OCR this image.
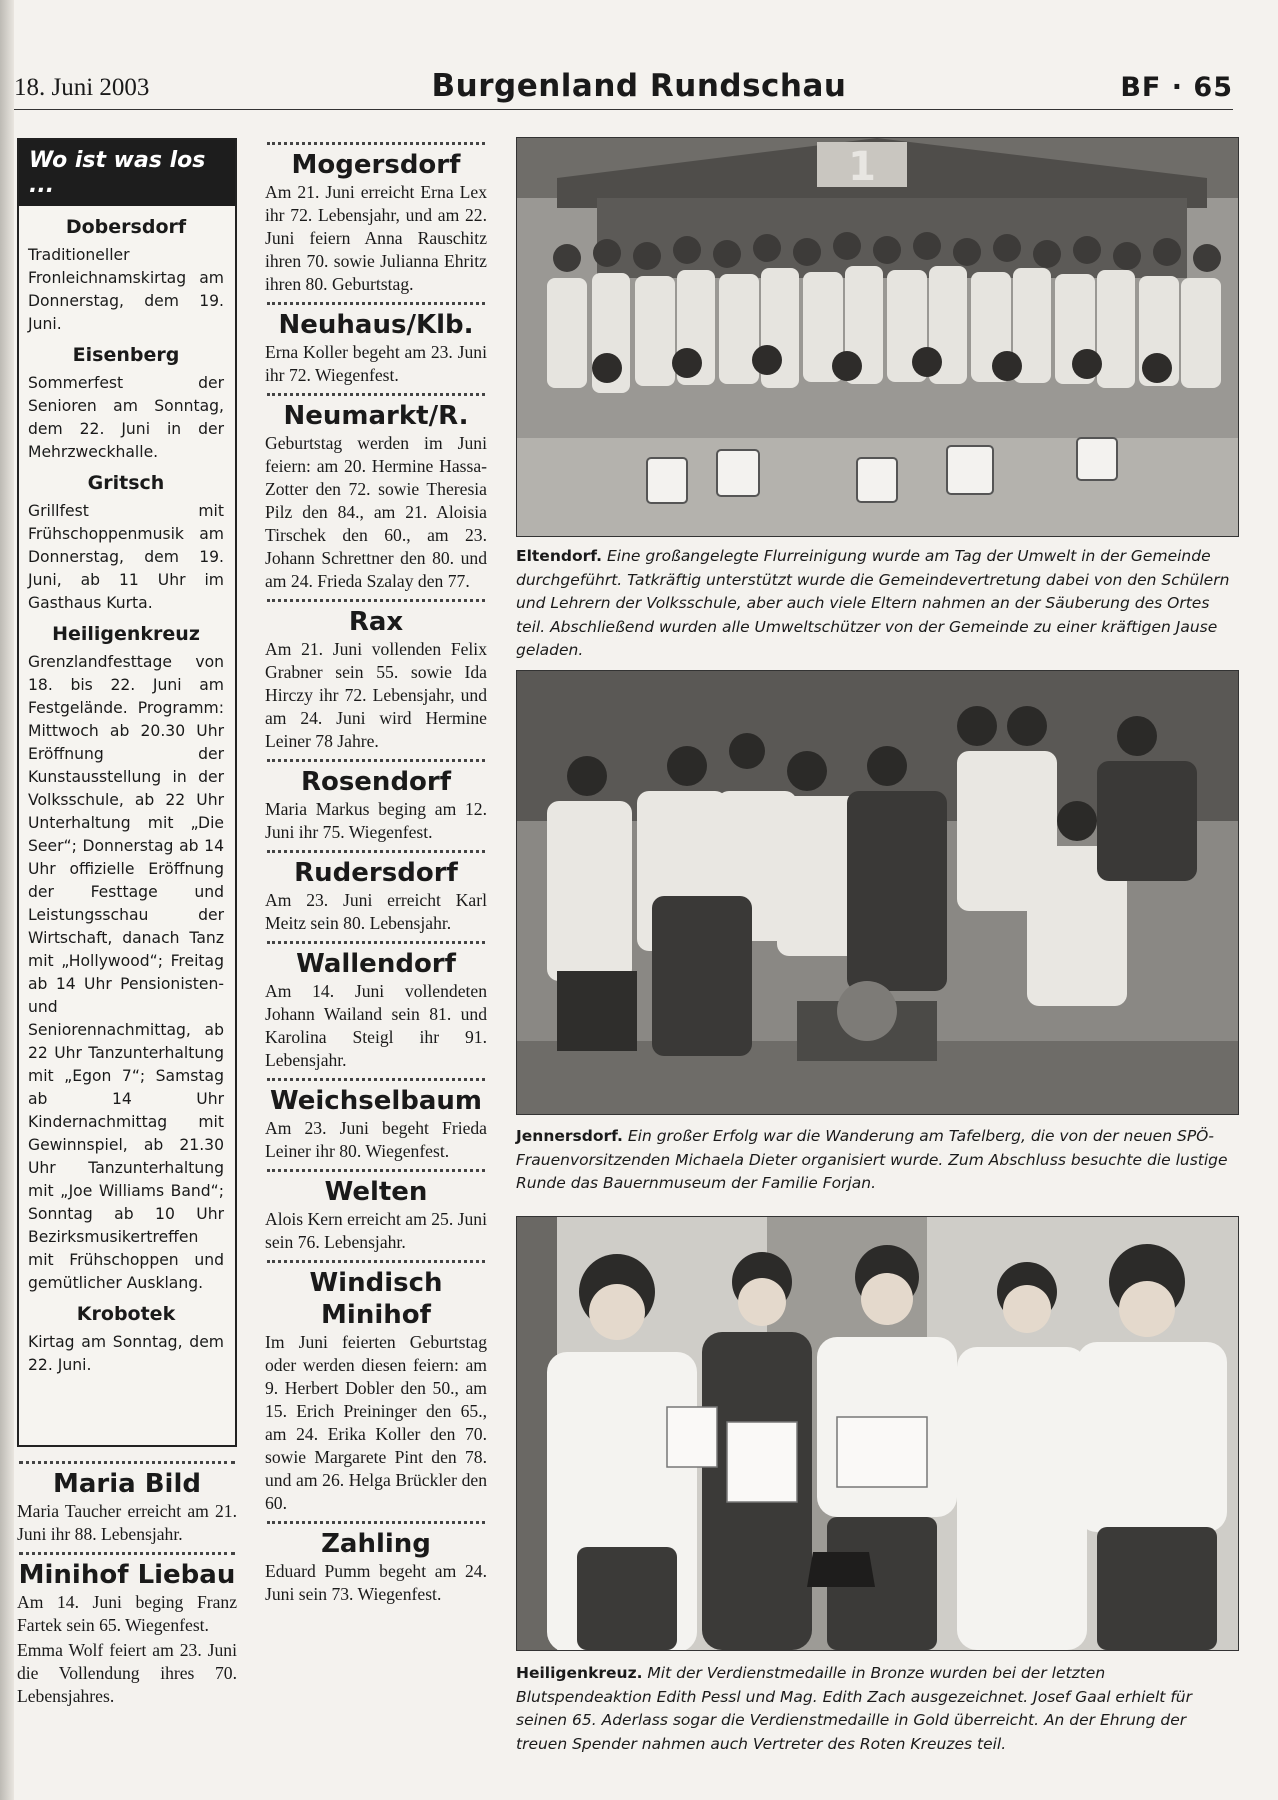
18. Juni 2003	Burgenland Rundschau	BF · 65
Wo ist was los ...
Dobersdorf
Traditioneller Fronleichnamskirtag am Donnerstag, dem 19. Juni.
Eisenberg
Sommerfest der Senioren am Sonntag, dem 22. Juni in der Mehrzweckhalle.
Gritsch
Grillfest mit Frühschoppenmusik am Donnerstag, dem 19. Juni, ab 11 Uhr im Gasthaus Kurta.
Heiligenkreuz
Grenzlandfesttage von 18. bis 22. Juni am Festgelände. Programm: Mittwoch ab 20.30 Uhr Eröffnung der Kunstausstellung in der Volksschule, ab 22 Uhr Unterhaltung mit „Die Seer“; Donnerstag ab 14 Uhr offizielle Eröffnung der Festtage und Leistungsschau der Wirtschaft, danach Tanz mit „Hollywood“; Freitag ab 14 Uhr Pensionisten- und Seniorennachmittag, ab 22 Uhr Tanzunterhaltung mit „Egon 7“; Samstag ab 14 Uhr Kindernachmittag mit Gewinnspiel, ab 21.30 Uhr Tanzunterhaltung mit „Joe Williams Band“; Sonntag ab 10 Uhr Bezirksmusikertreffen mit Frühschoppen und gemütlicher Ausklang.
Krobotek
Kirtag am Sonntag, dem 22. Juni.
Maria Bild
Maria Taucher erreicht am 21. Juni ihr 88. Lebensjahr.
Minihof Liebau
Am 14. Juni beging Franz Fartek sein 65. Wiegenfest.
Emma Wolf feiert am 23. Juni die Vollendung ihres 70. Lebensjahres.
Mogersdorf
Am 21. Juni erreicht Erna Lex ihr 72. Lebensjahr, und am 22. Juni feiern Anna Rauschitz ihren 70. sowie Julianna Ehritz ihren 80. Geburtstag.
Neuhaus/Klb.
Erna Koller begeht am 23. Juni ihr 72. Wiegenfest.
Neumarkt/R.
Geburtstag werden im Juni feiern: am 20. Hermine Hassa-Zotter den 72. sowie Theresia Pilz den 84., am 21. Aloisia Tirschek den 60., am 23. Johann Schrettner den 80. und am 24. Frieda Szalay den 77.
Rax
Am 21. Juni vollenden Felix Grabner sein 55. sowie Ida Hirczy ihr 72. Lebensjahr, und am 24. Juni wird Hermine Leiner 78 Jahre.
Rosendorf
Maria Markus beging am 12. Juni ihr 75. Wiegenfest.
Rudersdorf
Am 23. Juni erreicht Karl Meitz sein 80. Lebensjahr.
Wallendorf
Am 14. Juni vollendeten Johann Wailand sein 81. und Karolina Steigl ihr 91. Lebensjahr.
Weichselbaum
Am 23. Juni begeht Frieda Leiner ihr 80. Wiegenfest.
Welten
Alois Kern erreicht am 25. Juni sein 76. Lebensjahr.
Windisch Minihof
Im Juni feierten Geburtstag oder werden diesen feiern: am 9. Herbert Dobler den 50., am 15. Erich Preininger den 65., am 24. Erika Koller den 70. sowie Margarete Pint den 78. und am 26. Helga Brückler den 60.
Zahling
Eduard Pumm begeht am 24. Juni sein 73. Wiegenfest.
1
Eltendorf. Eine großangelegte Flurreinigung wurde am Tag der Umwelt in der Gemeinde durchgeführt. Tatkräftig unterstützt wurde die Gemeindevertretung dabei von den Schülern und Lehrern der Volksschule, aber auch viele Eltern nahmen an der Säuberung des Ortes teil. Abschließend wurden alle Umweltschützer von der Gemeinde zu einer kräftigen Jause geladen.
Jennersdorf. Ein großer Erfolg war die Wanderung am Tafelberg, die von der neuen SPÖ-Frauenvorsitzenden Michaela Dieter organisiert wurde. Zum Abschluss besuchte die lustige Runde das Bauernmuseum der Familie Forjan.
Heiligenkreuz. Mit der Verdienstmedaille in Bronze wurden bei der letzten Blutspendeaktion Edith Pessl und Mag. Edith Zach ausgezeichnet. Josef Gaal erhielt für seinen 65. Aderlass sogar die Verdienstmedaille in Gold überreicht. An der Ehrung der treuen Spender nahmen auch Vertreter des Roten Kreuzes teil.
